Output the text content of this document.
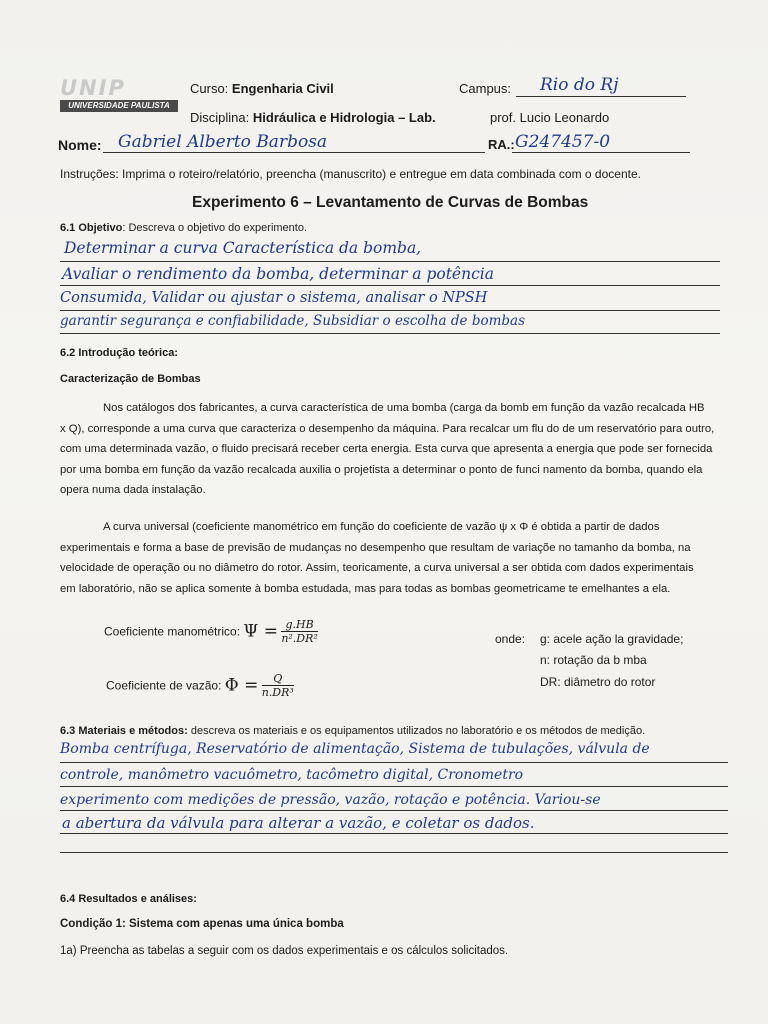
UNIP
UNIVERSIDADE PAULISTA
Curso: Engenharia Civil	Campus: Rio do Rj
Disciplina: Hidráulica e Hidrologia – Lab.	prof. Lucio Leonardo
Nome: Gabriel Alberto Barbosa	RA.: G247457-0
Instruções: Imprima o roteiro/relatório, preencha (manuscrito) e entregue em data combinada com o docente.
Experimento 6 – Levantamento de Curvas de Bombas
6.1 Objetivo: Descreva o objetivo do experimento.
Determinar a curva Característica da bomba,
Avaliar o rendimento da bomba, determinar a potência
Consumida, Validar ou ajustar o sistema, analisar o NPSH
garantir segurança e confiabilidade, Subsidiar o escolha de bombas
6.2 Introdução teórica:
Caracterização de Bombas
Nos catálogos dos fabricantes, a curva característica de uma bomba (carga da bomb em função da vazão recalcada HB
x Q), corresponde a uma curva que caracteriza o desempenho da máquina. Para recalcar um flu do de um reservatório para outro,
com uma determinada vazão, o fluido precisará receber certa energia. Esta curva que apresenta a energia que pode ser fornecida
por uma bomba em função da vazão recalcada auxilia o projetista a determinar o ponto de funci namento da bomba, quando ela
opera numa dada instalação.
A curva universal (coeficiente manométrico em função do coeficiente de vazão ψ x Φ é obtida a partir de dados
experimentais e forma a base de previsão de mudanças no desempenho que resultam de variaçõe no tamanho da bomba, na
velocidade de operação ou no diâmetro do rotor. Assim, teoricamente, a curva universal a ser obtida com dados experimentais
em laboratório, não se aplica somente à bomba estudada, mas para todas as bombas geometricame te emelhantes a ela.
Coeficiente manométrico: $\Psi = \frac{g.HB}{\text{n².DR²}}$
Coeficiente de vazão: $\Phi = \frac{Q}{\text{n.DR³}}$
onde: g: acele ação la gravidade;
n: rotação da b mba
DR: diâmetro do rotor
6.3 Materiais e métodos: descreva os materiais e os equipamentos utilizados no laboratório e os métodos de medição.
Bomba centrífuga, Reservatório de alimentação, Sistema de tubulações, válvula de
controle, manômetro vacuômetro, tacômetro digital, Cronometro
experimento com medições de pressão, vazão, rotação e potência. Variou-se
a abertura da válvula para alterar a vazão, e coletar os dados.
6.4 Resultados e análises:
Condição 1: Sistema com apenas uma única bomba
1a) Preencha as tabelas a seguir com os dados experimentais e os cálculos solicitados.
